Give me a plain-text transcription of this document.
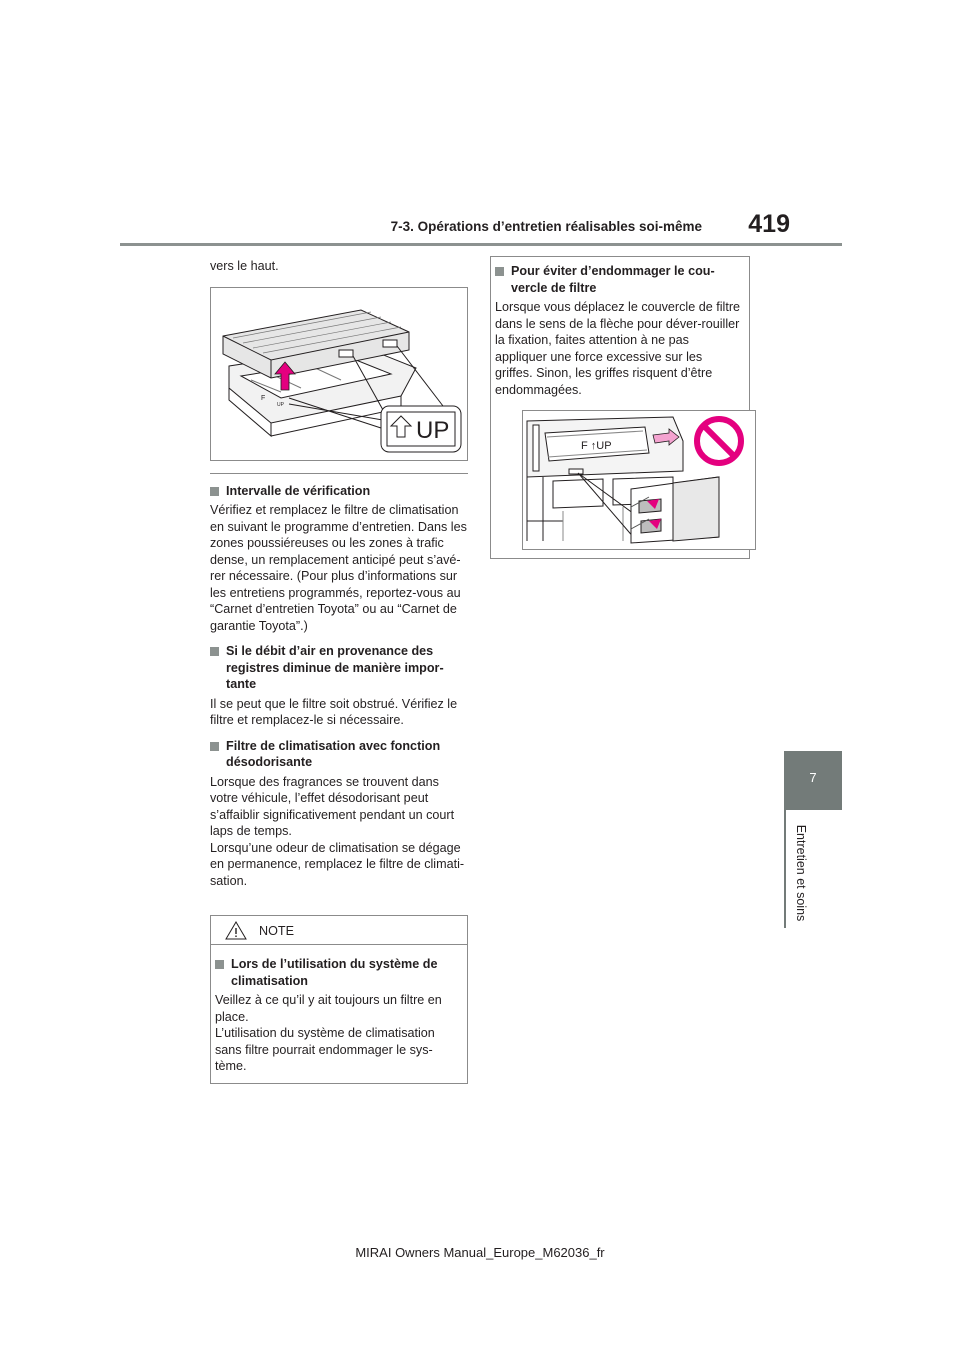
7-3. Opérations d’entretien réalisables soi-même	419
7
Entretien et soins

vers le haut.

UP
F
UP
Intervalle de vérification

Vérifiez et remplacez le filtre de climatisation en suivant le programme d’entretien. Dans les zones poussiéreuses ou les zones à trafic dense, un remplacement anticipé peut s’avé-rer nécessaire. (Pour plus d’informations sur les entretiens programmés, reportez-vous au “Carnet d’entretien Toyota” ou au “Carnet de garantie Toyota”.)

Si le débit d’air en provenance des registres diminue de manière impor-tante

Il se peut que le filtre soit obstrué. Vérifiez le filtre et remplacez-le si nécessaire.

Filtre de climatisation avec fonction désodorisante

Lorsque des fragrances se trouvent dans votre véhicule, l’effet désodorisant peut s’affaiblir significativement pendant un court laps de temps.

Lorsqu’une odeur de climatisation se dégage en permanence, remplacez le filtre de climati-sation.

NOTE
Lors de l’utilisation du système de climatisation

Veillez à ce qu’il y ait toujours un filtre en place.

L’utilisation du système de climatisation sans filtre pourrait endommager le sys-tème.

Pour éviter d’endommager le cou-vercle de filtre

Lorsque vous déplacez le couvercle de filtre dans le sens de la flèche pour déver-rouiller la fixation, faites attention à ne pas appliquer une force excessive sur les griffes. Sinon, les griffes risquent d’être endommagées.

F ↑UP
MIRAI Owners Manual_Europe_M62036_fr
